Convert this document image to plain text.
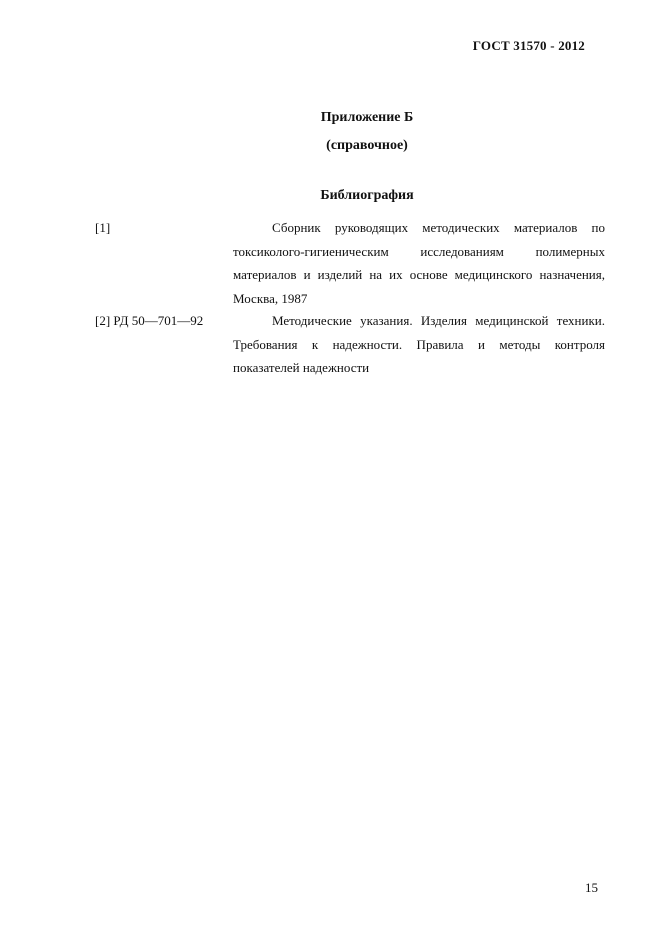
ГОСТ 31570 - 2012
Приложение Б
(справочное)
Библиография
[1]	Сборник руководящих методических материалов по токсиколого-гигиеническим исследованиям полимерных материалов и изделий на их основе медицинского назначения, Москва, 1987
[2] РД 50—701—92	Методические указания. Изделия медицинской техники. Требования к надежности. Правила и методы контроля показателей надежности
15
